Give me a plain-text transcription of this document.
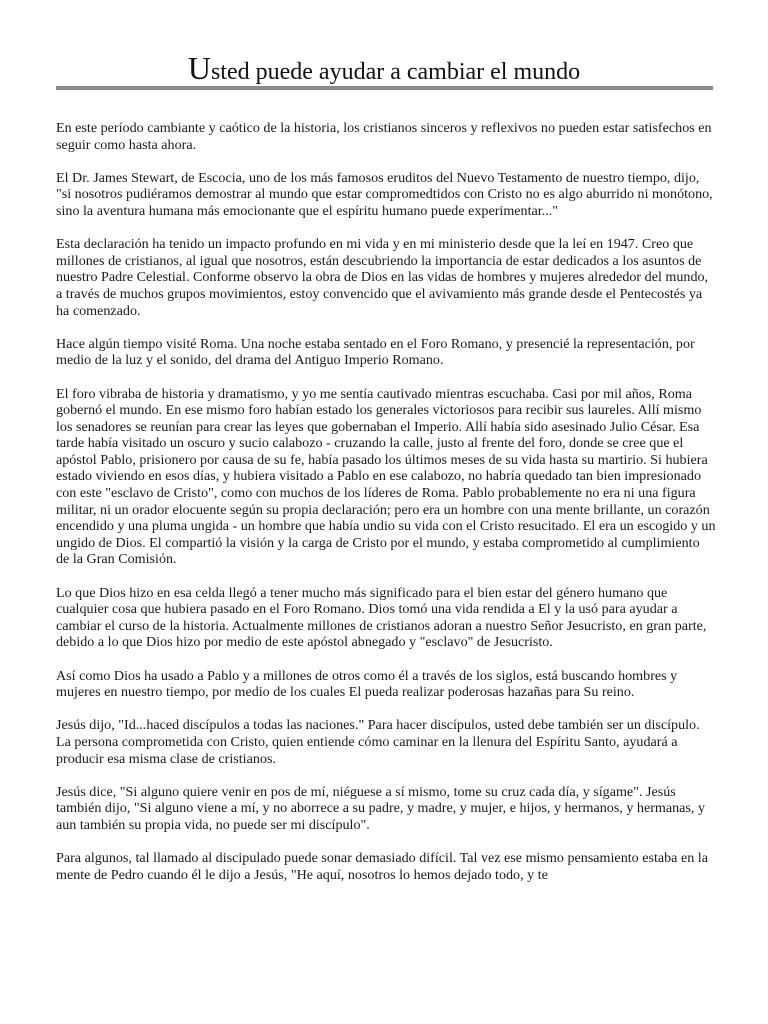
Usted puede ayudar a cambiar el mundo

En este período cambiante y caótico de la historia, los cristianos sinceros y reflexivos no pueden estar satisfechos en seguir como hasta ahora.

El Dr. James Stewart, de Escocia, uno de los más famosos eruditos del Nuevo Testamento de nuestro tiempo, dijo, "si nosotros pudiéramos demostrar al mundo que estar compromedtidos con Cristo no es algo aburrido ni monótono, sino la aventura humana más emocionante que el espíritu humano puede experimentar..."

Esta declaración ha tenido un impacto profundo en mi vida y en mi ministerio desde que la leí en 1947. Creo que millones de cristianos, al igual que nosotros, están descubriendo la importancia de estar dedicados a los asuntos de nuestro Padre Celestial. Conforme observo la obra de Dios en las vidas de hombres y mujeres alrededor del mundo, a través de muchos grupos movimientos, estoy convencido que el avivamiento más grande desde el Pentecostés ya ha comenzado.

Hace algún tiempo visité Roma. Una noche estaba sentado en el Foro Romano, y presencié la representación, por medio de la luz y el sonido, del drama del Antiguo Imperio Romano.

El foro vibraba de historia y dramatismo, y yo me sentía cautivado mientras escuchaba. Casi por mil años, Roma gobernó el mundo. En ese mismo foro habían estado los generales victoriosos para recibir sus laureles. Allí mismo los senadores se reunían para crear las leyes que gobernaban el Imperio. Allí había sido asesinado Julio César. Esa tarde había visitado un oscuro y sucio calabozo - cruzando la calle, justo al frente del foro, donde se cree que el apóstol Pablo, prisionero por causa de su fe, había pasado los últimos meses de su vida hasta su martirio. Si hubiera estado viviendo en esos días, y hubiera visitado a Pablo en ese calabozo, no habría quedado tan bien impresionado con este "esclavo de Cristo", como con muchos de los líderes de Roma. Pablo probablemente no era ni una figura militar, ni un orador elocuente según su propia declaración; pero era un hombre con una mente brillante, un corazón encendido y una pluma ungida - un hombre que había undio su vida con el Cristo resucitado. El era un escogido y un ungido de Dios. El compartió la visión y la carga de Cristo por el mundo, y estaba comprometido al cumplimiento de la Gran Comisión.

Lo que Dios hizo en esa celda llegó a tener mucho más significado para el bien estar del género humano que cualquier cosa que hubiera pasado en el Foro Romano. Dios tomó una vida rendida a El y la usó para ayudar a cambiar el curso de la historia. Actualmente millones de cristianos adoran a nuestro Señor Jesucristo, en gran parte, debido a lo que Dios hizo por medio de este apóstol abnegado y "esclavo" de Jesucristo.

Así como Dios ha usado a Pablo y a millones de otros como él a través de los siglos, está buscando hombres y mujeres en nuestro tiempo, por medio de los cuales El pueda realizar poderosas hazañas para Su reino.

Jesús dijo, "Id...haced discípulos a todas las naciones." Para hacer discípulos, usted debe también ser un discípulo. La persona comprometida con Cristo, quien entiende cómo caminar en la llenura del Espíritu Santo, ayudará a producir esa misma clase de cristianos.

Jesús dice, "Si alguno quiere venir en pos de mí, niéguese a sí mismo, tome su cruz cada día, y sígame". Jesús también dijo, "Si alguno viene a mí, y no aborrece a su padre, y madre, y mujer, e hijos, y hermanos, y hermanas, y aun también su propia vida, no puede ser mi discípulo".

Para algunos, tal llamado al discipulado puede sonar demasiado difícil. Tal vez ese mismo pensamiento estaba en la mente de Pedro cuando él le dijo a Jesús, "He aquí, nosotros lo hemos dejado todo, y te
